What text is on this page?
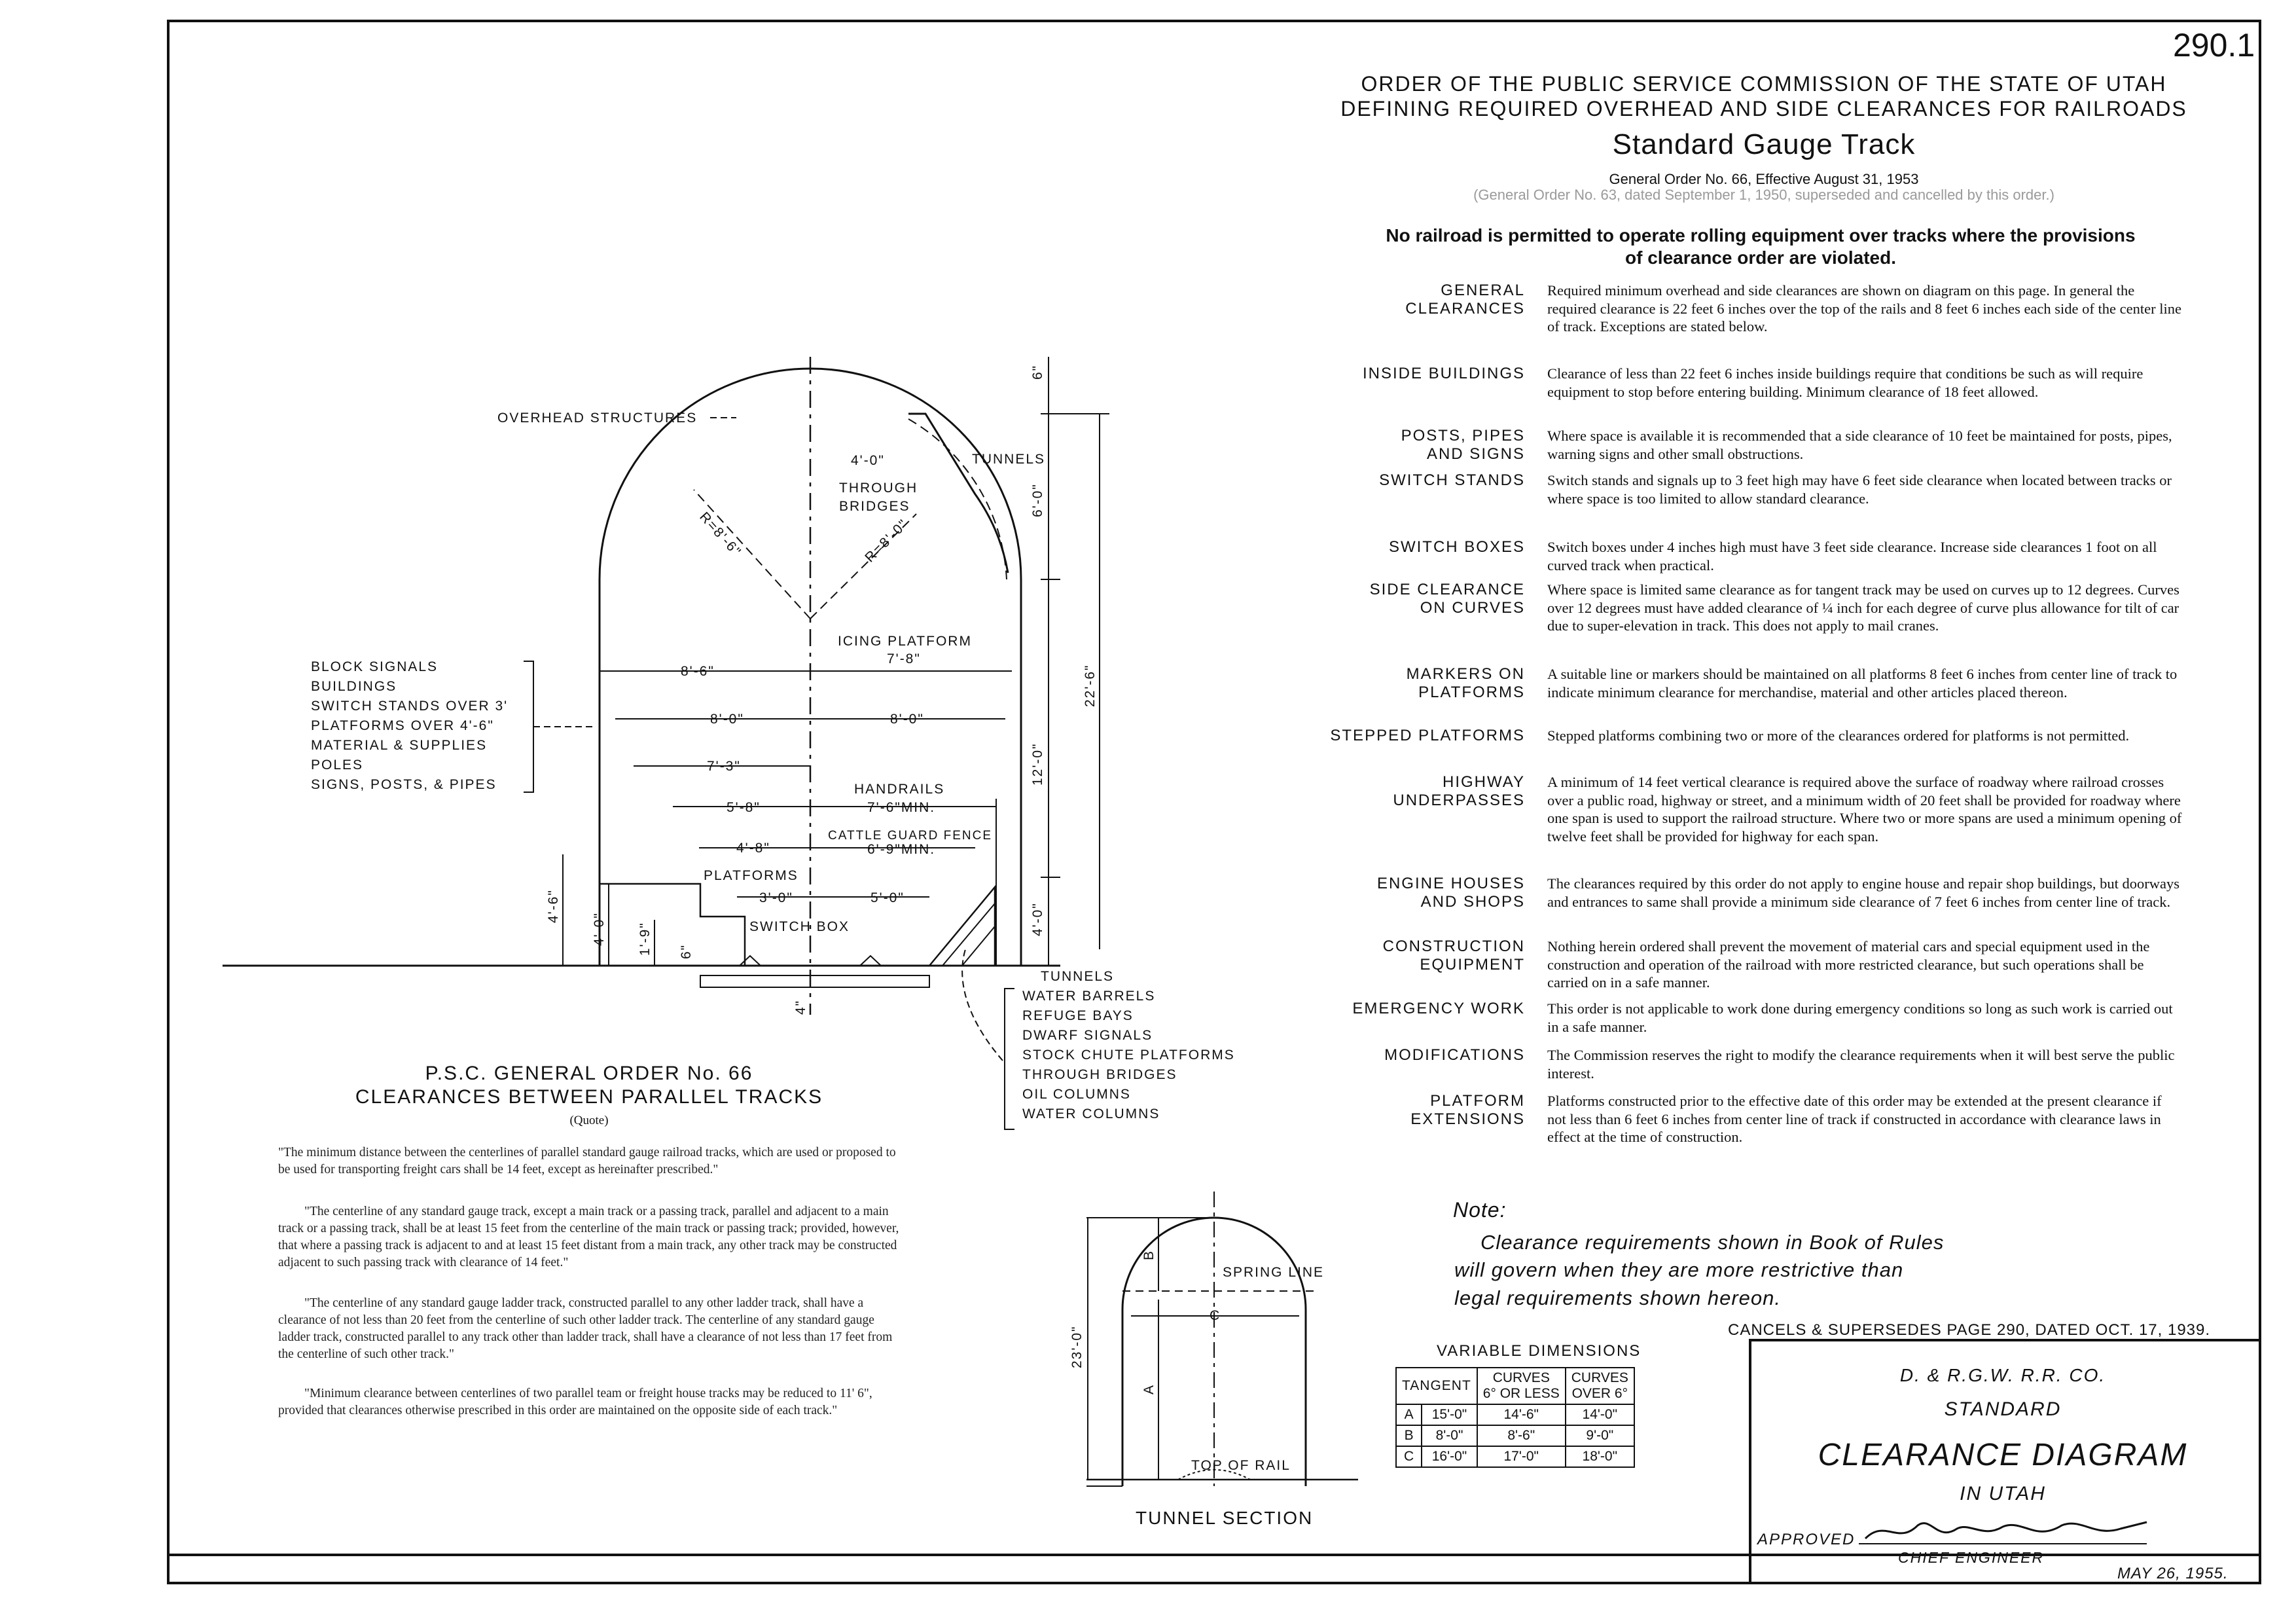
290.1
ORDER OF THE PUBLIC SERVICE COMMISSION OF THE STATE OF UTAH
DEFINING REQUIRED OVERHEAD AND SIDE CLEARANCES FOR RAILROADS
Standard Gauge Track
General Order No. 66, Effective August 31, 1953
(General Order No. 63, dated September 1, 1950, superseded and cancelled by this order.)
No railroad is permitted to operate rolling equipment over tracks where the provisions
of clearance order are violated.
GENERAL
CLEARANCES
Required minimum overhead and side clearances are shown on diagram on this page. In general the required clearance is 22 feet 6 inches over the top of the rails and 8 feet 6 inches each side of the center line of track. Exceptions are stated below.
INSIDE BUILDINGS Clearance of less than 22 feet 6 inches inside buildings require that conditions be such as will require equipment to stop before entering building. Minimum clearance of 18 feet allowed.
POSTS, PIPES
AND SIGNS
Where space is available it is recommended that a side clearance of 10 feet be maintained for posts, pipes, warning signs and other small obstructions.
SWITCH STANDS Switch stands and signals up to 3 feet high may have 6 feet side clearance when located between tracks or where space is too limited to allow standard clearance.
SWITCH BOXES Switch boxes under 4 inches high must have 3 feet side clearance. Increase side clearances 1 foot on all curved track when practical.
SIDE CLEARANCE
ON CURVES
Where space is limited same clearance as for tangent track may be used on curves up to 12 degrees. Curves over 12 degrees must have added clearance of ¼ inch for each degree of curve plus allowance for tilt of car due to super-elevation in track. This does not apply to mail cranes.
MARKERS ON
PLATFORMS
A suitable line or markers should be maintained on all platforms 8 feet 6 inches from center line of track to indicate minimum clearance for merchandise, material and other articles placed thereon.
STEPPED PLATFORMS Stepped platforms combining two or more of the clearances ordered for platforms is not permitted.
HIGHWAY
UNDERPASSES
A minimum of 14 feet vertical clearance is required above the surface of roadway where railroad crosses over a public road, highway or street, and a minimum width of 20 feet shall be provided for roadway where one span is used to support the railroad structure. Where two or more spans are used a minimum opening of twelve feet shall be provided for highway for each span.
ENGINE HOUSES
AND SHOPS
The clearances required by this order do not apply to engine house and repair shop buildings, but doorways and entrances to same shall provide a minimum side clearance of 7 feet 6 inches from center line of track.
CONSTRUCTION
EQUIPMENT
Nothing herein ordered shall prevent the movement of material cars and special equipment used in the construction and operation of the railroad with more restricted clearance, but such operations shall be carried on in a safe manner.
EMERGENCY WORK This order is not applicable to work done during emergency conditions so long as such work is carried out in a safe manner.
MODIFICATIONS The Commission reserves the right to modify the clearance requirements when it will best serve the public interest.
PLATFORM
EXTENSIONS
Platforms constructed prior to the effective date of this order may be extended at the present clearance if not less than 6 feet 6 inches from center line of track if constructed in accordance with clearance laws in effect at the time of construction.
OVERHEAD STRUCTURES
TUNNELS
4'-0"
THROUGH
BRIDGES
R=8'-6"	R=8'-0"
6"
6'-0"
ICING PLATFORM
7'-8"
8'-6"
8'-0"	8'-0"
7'-3"
HANDRAILS
7'-6"MIN.
5'-8"
CATTLE GUARD FENCE
6'-9"MIN.
4'-8"
PLATFORMS
3'-0"	5'-0"
SWITCH BOX
12'-0"
22'-6"
4'-0"
4'-6"
4'-0" 1'-9" 6"
4"
TUNNELS
BLOCK SIGNALS
BUILDINGS
SWITCH STANDS OVER 3'
PLATFORMS OVER 4'-6"
MATERIAL & SUPPLIES
POLES
SIGNS, POSTS, & PIPES
WATER BARRELS
REFUGE BAYS
DWARF SIGNALS
STOCK CHUTE PLATFORMS
THROUGH BRIDGES
OIL COLUMNS
WATER COLUMNS
P.S.C. GENERAL ORDER No. 66
CLEARANCES BETWEEN PARALLEL TRACKS
(Quote)
"The minimum distance between the centerlines of parallel standard gauge railroad tracks, which are used or proposed to be used for transporting freight cars shall be 14 feet, except as hereinafter prescribed."
"The centerline of any standard gauge track, except a main track or a passing track, parallel and adjacent to a main track or a passing track, shall be at least 15 feet from the centerline of the main track or passing track; provided, however, that where a passing track is adjacent to and at least 15 feet distant from a main track, any other track may be constructed adjacent to such passing track with clearance of 14 feet."
"The centerline of any standard gauge ladder track, constructed parallel to any other ladder track, shall have a clearance of not less than 20 feet from the centerline of such other ladder track. The centerline of any standard gauge ladder track, constructed parallel to any track other than ladder track, shall have a clearance of not less than 17 feet from the centerline of such other track."
"Minimum clearance between centerlines of two parallel team or freight house tracks may be reduced to 11' 6", provided that clearances otherwise prescribed in this order are maintained on the opposite side of each track."
23'-0"
A
B
C
SPRING LINE
TOP OF RAIL
TUNNEL SECTION
Note:
Clearance requirements shown in Book of Rules
will govern when they are more restrictive than
legal requirements shown hereon.
VARIABLE DIMENSIONS
TANGENT		CURVES
6° OR LESS	CURVES
OVER 6°
A	15'-0"	14'-6"	14'-0"
B	8'-0"	8'-6"	9'-0"
C	16'-0"	17'-0"	18'-0"
CANCELS & SUPERSEDES PAGE 290, DATED OCT. 17, 1939.
D. & R.G.W. R.R. CO.
STANDARD
CLEARANCE DIAGRAM
IN UTAH
APPROVED
CHIEF ENGINEER
MAY 26, 1955.
